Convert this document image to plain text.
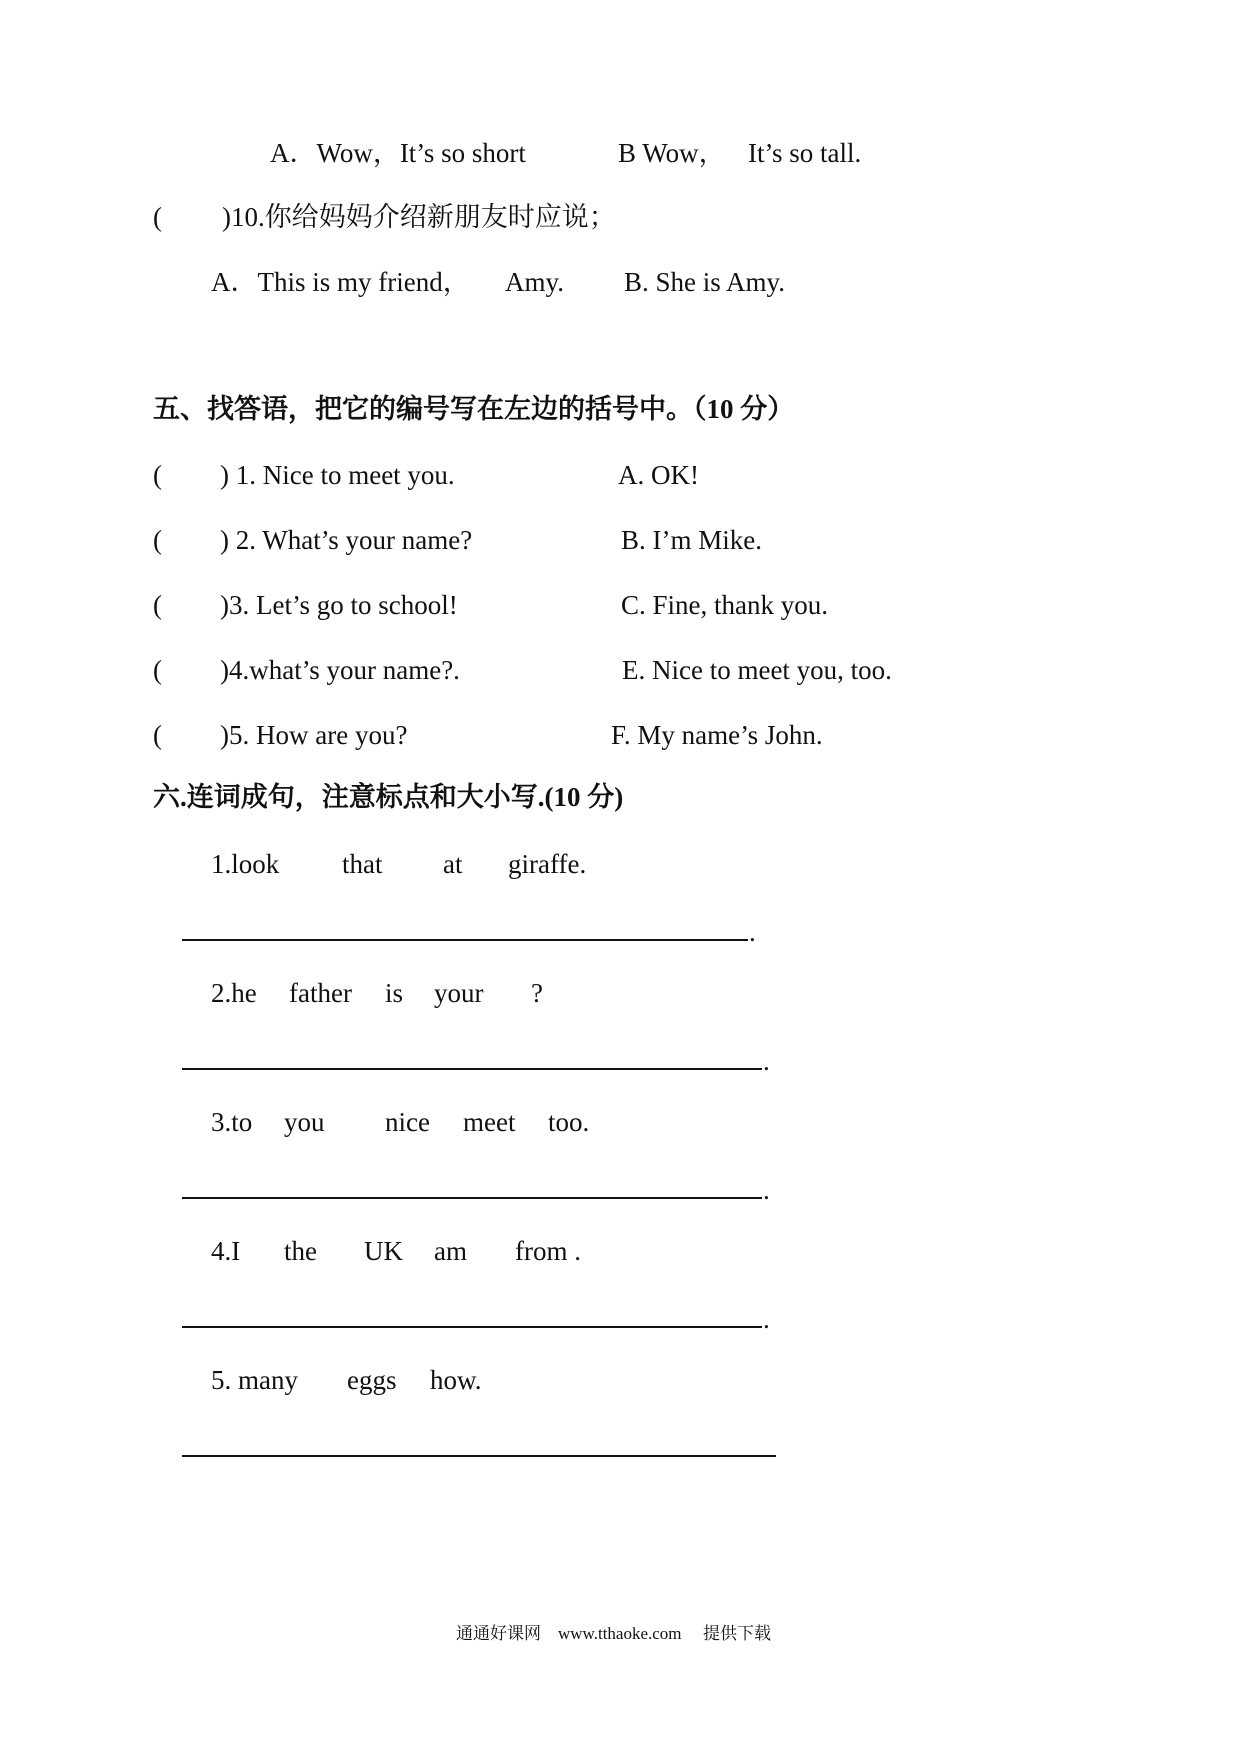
A．Wow，It’s so short	B Wow， It’s so tall.
( )10.你给妈妈介绍新朋友时应说；
A．This is my friend， Amy. B. She is Amy.
五、找答语，把它的编号写在左边的括号中。（10 分）
( ) 1. Nice to meet you.	A. OK!
( ) 2. What’s your name?	B. I’m Mike.
( )3. Let’s go to school!	C. Fine, thank you.
( )4.what’s your name?.	E. Nice to meet you, too.
( )5. How are you?	F. My name’s John.
六.连词成句，注意标点和大小写.(10 分)
1.look that at giraffe.
.
2.he father is your ?
.
3.to you nice meet too.
.
4.I the UK am from .
.
5. many eggs how.
通通好课网 www.tthaoke.com 提供下载
